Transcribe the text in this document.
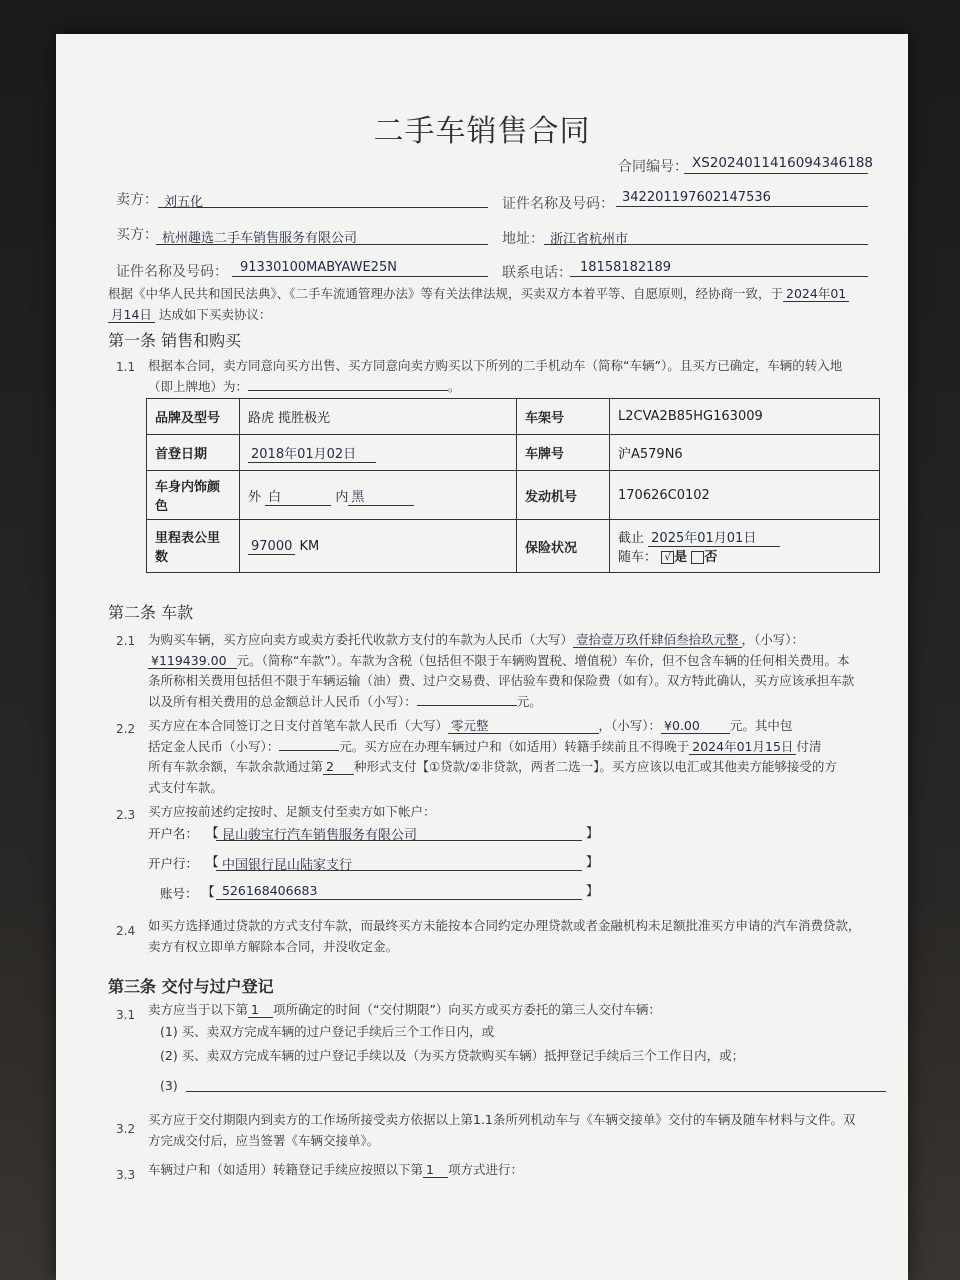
二手车销售合同
合同编号： XS2024011416094346188
卖方： 刘五化	证件名称及号码： 342201197602147536
买方： 杭州趣选二手车销售服务有限公司	地址： 浙江省杭州市
证件名称及号码： 91330100MABYAWE25N	联系电话： 18158182189
根据《中华人民共和国民法典》、《二手车流通管理办法》等有关法律法规，买卖双方本着平等、自愿原则，经协商一致，于 2024年01
月14日 达成如下买卖协议：
第一条 销售和购买
1.1 根据本合同，卖方同意向买方出售、买方同意向卖方购买以下所列的二手机动车（简称“车辆”）。且买方已确定，车辆的转入地
（即上牌地）为：	。
品牌及型号	路虎 揽胜极光	车架号	L2CVA2B85HG163009
首登日期	2018年01月02日	车牌号	沪A579N6
车身内饰颜色	外 白 内 黑	发动机号	170626C0102
里程表公里数	97000 KM	保险状况	截止 2025年01月01日
随车： √ 是 否
第二条 车款
2.1 为购买车辆，买方应向卖方或卖方委托代收款方支付的车款为人民币（大写） 壹拾壹万玖仟肆佰叁拾玖元整 ，（小写）：
¥119439.00 元。（简称“车款”）。车款为含税（包括但不限于车辆购置税、增值税）车价，但不包含车辆的任何相关费用。本
条所称相关费用包括但不限于车辆运输（油）费、过户交易费、评估验车费和保险费（如有）。双方特此确认，买方应该承担车款
以及所有相关费用的总金额总计人民币（小写）：	元。
2.2 买方应在本合同签订之日支付首笔车款人民币（大写） 零元整	，（小写）： ¥0.00 元。其中包
括定金人民币（小写）：	元。买方应在办理车辆过户和（如适用）转籍手续前且不得晚于 2024年01月15日 付清
所有车款余额，车款余款通过第 2 种形式支付【①贷款/②非贷款，两者二选一】。买方应该以电汇或其他卖方能够接受的方
式支付车款。
2.3 买方应按前述约定按时、足额支付至卖方如下帐户：
开户名： 【 昆山骏宝行汽车销售服务有限公司	】
开户行： 【 中国银行昆山陆家支行	】
账号： 【 526168406683	】
2.4 如买方选择通过贷款的方式支付车款，而最终买方未能按本合同约定办理贷款或者金融机构未足额批准买方申请的汽车消费贷款，
卖方有权立即单方解除本合同，并没收定金。
第三条 交付与过户登记
3.1 卖方应当于以下第 1 项所确定的时间（“交付期限”）向买方或买方委托的第三人交付车辆：
(1) 买、卖双方完成车辆的过户登记手续后三个工作日内，或
(2) 买、卖双方完成车辆的过户登记手续以及（为买方贷款购买车辆）抵押登记手续后三个工作日内，或；
(3)
3.2
买方应于交付期限内到卖方的工作场所接受卖方依据以上第1.1条所列机动车与《车辆交接单》交付的车辆及随车材料与文件。双
方完成交付后，应当签署《车辆交接单》。
3.3 车辆过户和（如适用）转籍登记手续应按照以下第 1 项方式进行：
